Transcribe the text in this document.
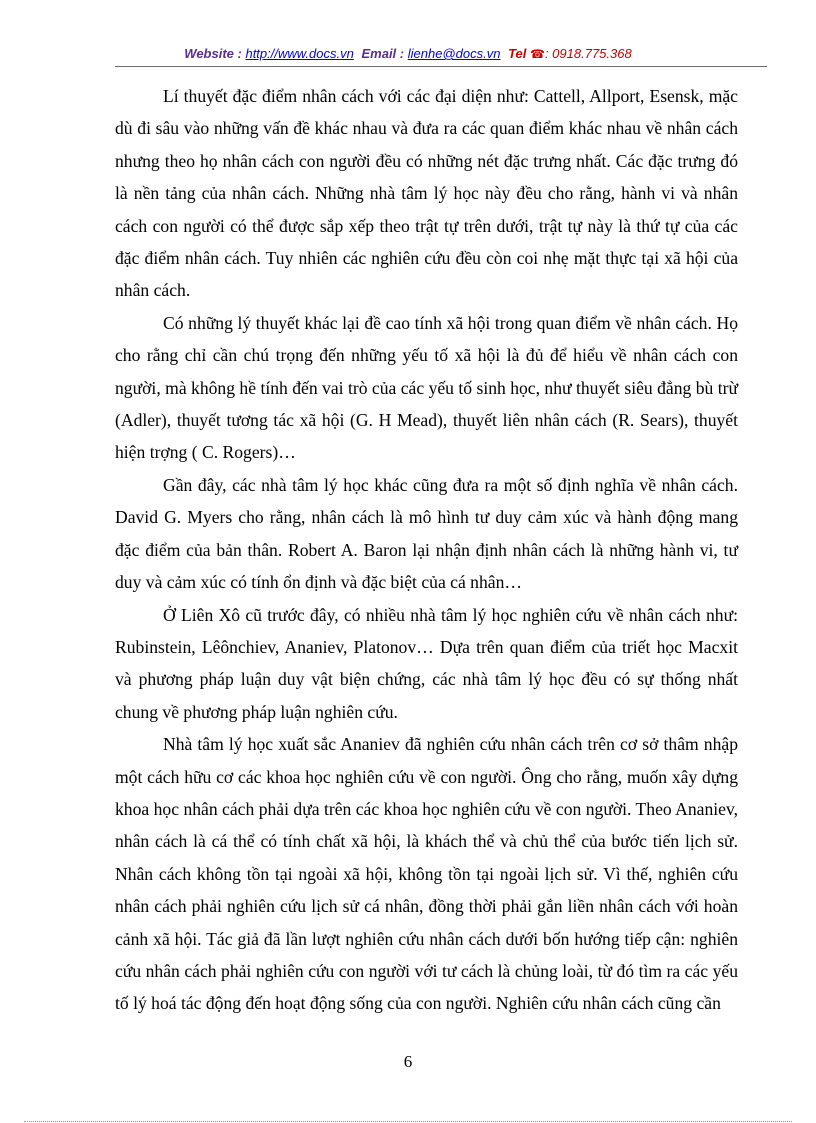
Website : http://www.docs.vn Email : lienhe@docs.vn Tel ☎: 0918.775.368

Lí thuyết đặc điểm nhân cách với các đại diện như: Cattell, Allport, Esensk, mặc dù đi sâu vào những vấn đề khác nhau và đưa ra các quan điểm khác nhau về nhân cách nhưng theo họ nhân cách con người đều có những nét đặc trưng nhất. Các đặc trưng đó là nền tảng của nhân cách. Những nhà tâm lý học này đều cho rằng, hành vi và nhân cách con người có thể được sắp xếp theo trật tự trên dưới, trật tự này là thứ tự của các đặc điểm nhân cách. Tuy nhiên các nghiên cứu đều còn coi nhẹ mặt thực tại xã hội của nhân cách.

Có những lý thuyết khác lại đề cao tính xã hội trong quan điểm về nhân cách. Họ cho rằng chỉ cần chú trọng đến những yếu tố xã hội là đủ để hiểu về nhân cách con người, mà không hề tính đến vai trò của các yếu tố sinh học, như thuyết siêu đẳng bù trừ (Adler), thuyết tương tác xã hội (G. H Mead), thuyết liên nhân cách (R. Sears), thuyết hiện trợng ( C. Rogers)…

Gần đây, các nhà tâm lý học khác cũng đưa ra một số định nghĩa về nhân cách. David G. Myers cho rằng, nhân cách là mô hình tư duy cảm xúc và hành động mang đặc điểm của bản thân. Robert A. Baron lại nhận định nhân cách là những hành vi, tư duy và cảm xúc có tính ổn định và đặc biệt của cá nhân…

Ở Liên Xô cũ trước đây, có nhiều nhà tâm lý học nghiên cứu về nhân cách như: Rubinstein, Lêônchiev, Ananiev, Platonov… Dựa trên quan điểm của triết học Macxit và phương pháp luận duy vật biện chứng, các nhà tâm lý học đều có sự thống nhất chung về phương pháp luận nghiên cứu.

Nhà tâm lý học xuất sắc Ananiev đã nghiên cứu nhân cách trên cơ sở thâm nhập một cách hữu cơ các khoa học nghiên cứu về con người. Ông cho rằng, muốn xây dựng khoa học nhân cách phải dựa trên các khoa học nghiên cứu về con người. Theo Ananiev, nhân cách là cá thể có tính chất xã hội, là khách thể và chủ thể của bước tiến lịch sử. Nhân cách không tồn tại ngoài xã hội, không tồn tại ngoài lịch sử. Vì thế, nghiên cứu nhân cách phải nghiên cứu lịch sử cá nhân, đồng thời phải gắn liền nhân cách với hoàn cảnh xã hội. Tác giả đã lần lượt nghiên cứu nhân cách dưới bốn hướng tiếp cận: nghiên cứu nhân cách phải nghiên cứu con người với tư cách là chủng loài, từ đó tìm ra các yếu tố lý hoá tác động đến hoạt động sống của con người. Nghiên cứu nhân cách cũng cần

6
